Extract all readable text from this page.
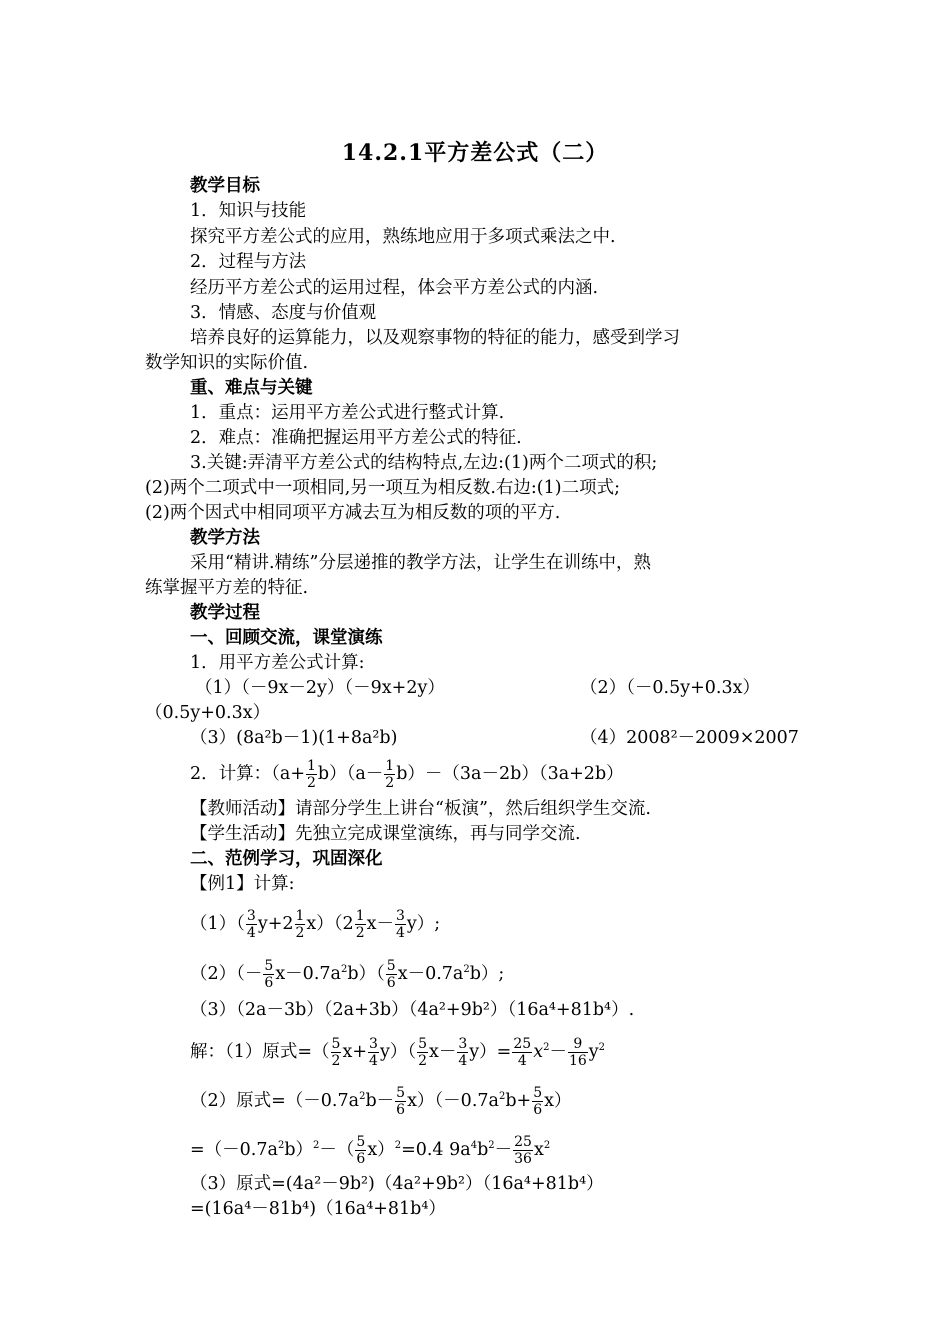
14.2.1平方差公式（二）
教学目标
1．知识与技能
探究平方差公式的应用，熟练地应用于多项式乘法之中.
2．过程与方法
经历平方差公式的运用过程，体会平方差公式的内涵.
3．情感、态度与价值观
培养良好的运算能力，以及观察事物的特征的能力，感受到学习
数学知识的实际价值.
重、难点与关键
1．重点：运用平方差公式进行整式计算.
2．难点：准确把握运用平方差公式的特征.
3.关键:弄清平方差公式的结构特点,左边:(1)两个二项式的积;
(2)两个二项式中一项相同,另一项互为相反数.右边:(1)二项式;
(2)两个因式中相同项平方减去互为相反数的项的平方.
教学方法
采用“精讲.精练”分层递推的教学方法，让学生在训练中，熟
练掌握平方差的特征.
教学过程
一、回顾交流，课堂演练
1．用平方差公式计算:
（1）（－9x－2y）（－9x+2y）	（2）（－0.5y+0.3x）
（0.5y+0.3x）
（3）(8a²b－1)(1+8a²b)	（4）2008²－2009×2007
2．计算：$(a+ \frac{1}{2} b)(a- \frac{1}{2} b)-(3a-2b)(3a+2b)$
【教师活动】请部分学生上讲台“板演”，然后组织学生交流.
【学生活动】先独立完成课堂演练，再与同学交流.
二、范例学习，巩固深化
【例1】计算:
$(1)( \frac{3}{4} y+2 \frac{1}{2} x)(2 \frac{1}{2} x- \frac{3}{4} y)$;
$(2)(- \frac{5}{6} x-0.7a^2b)( \frac{5}{6} x-0.7a^2b)$;
（3）（2a－3b）（2a+3b）（4a²+9b²）（16a⁴+81b⁴）.
解：（1）原式=（ $\frac{5}{2} x+ \frac{3}{4} y)( \frac{5}{2} x- \frac{3}{4} y)= \frac{25}{4} x^2- \frac{9}{16} y^2$
（2）原式$=(-0.7a^2b- \frac{5}{6} x)(-0.7a^2b+ \frac{5}{6} x)$
$=(-0.7a^2b)^2-( \frac{5}{6} x)^2=0.4$ $9a^4b^2- \frac{25}{36} x^2$
（3）原式=(4a²－9b²)（4a²+9b²）（16a⁴+81b⁴）
=(16a⁴－81b⁴)（16a⁴+81b⁴）
